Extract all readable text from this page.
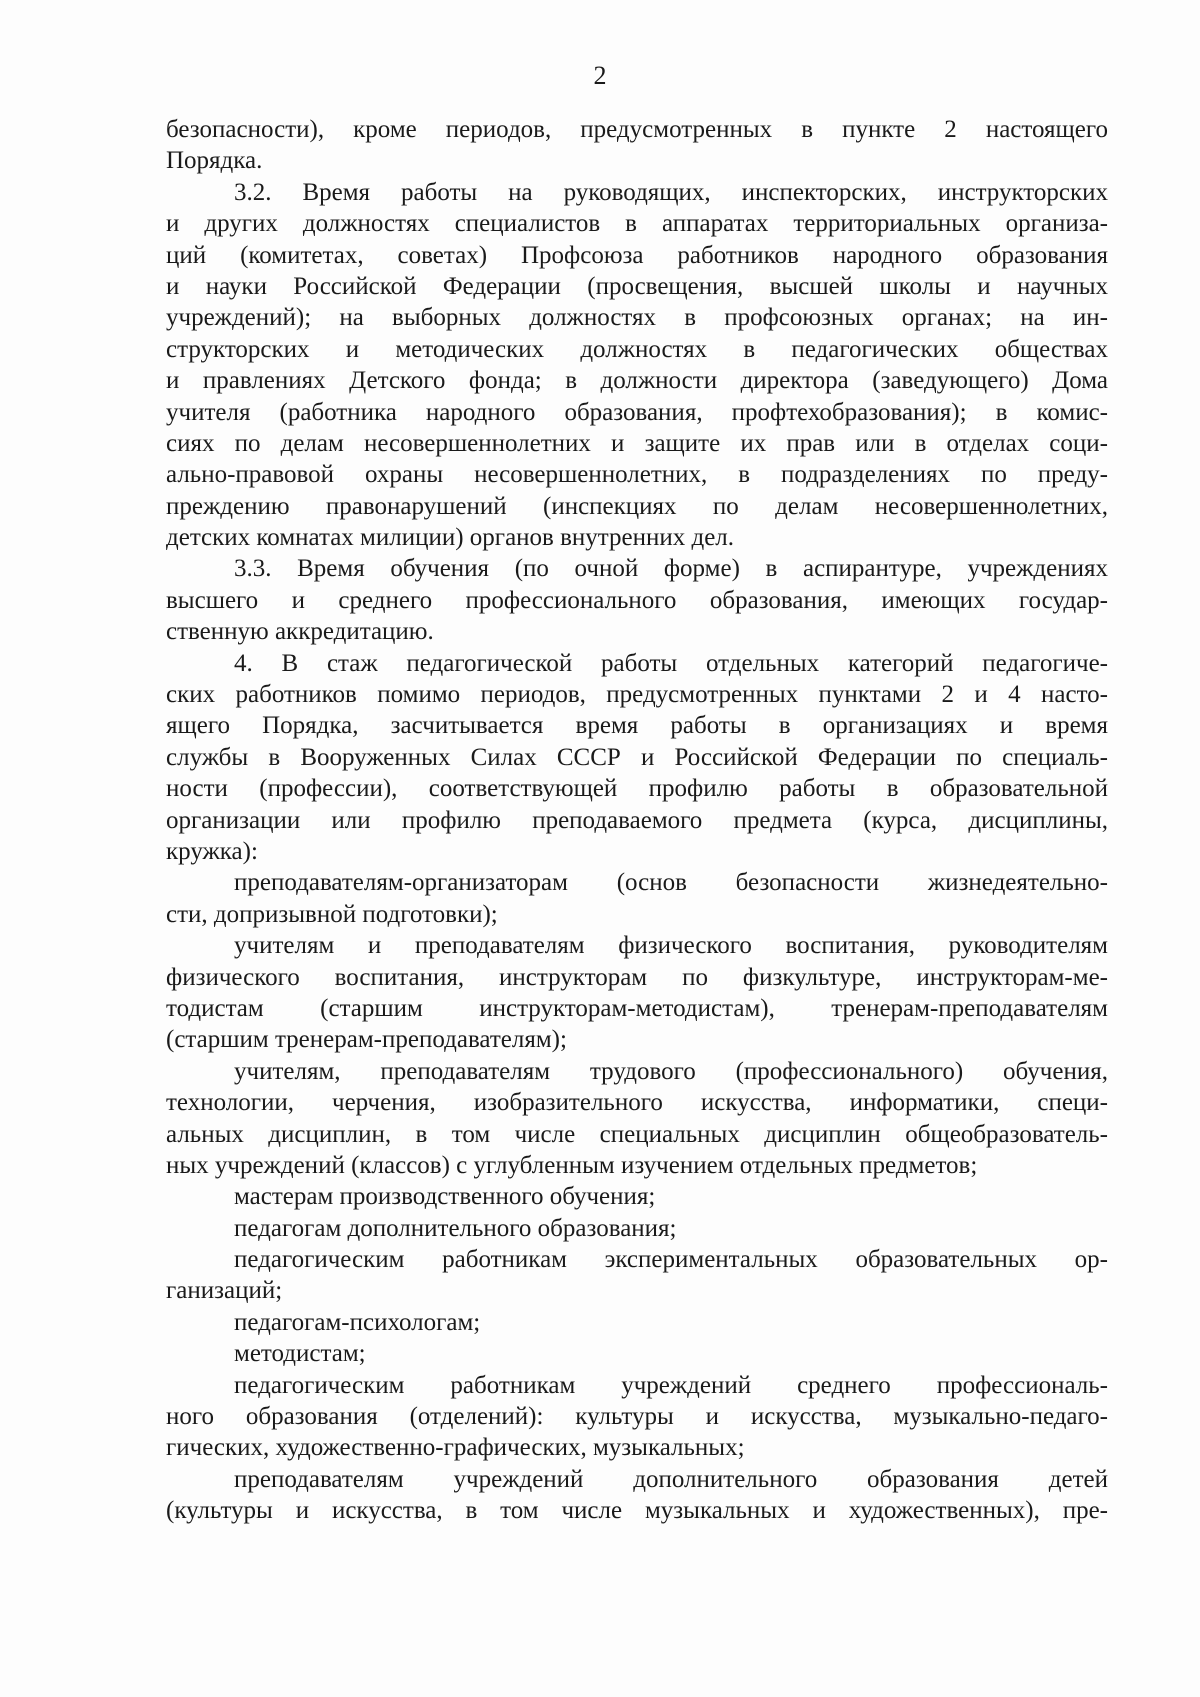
2
безопасности), кроме периодов, предусмотренных в пункте 2 настоящего
Порядка.
3.2. Время работы на руководящих, инспекторских, инструкторских
и других должностях специалистов в аппаратах территориальных организа-
ций (комитетах, советах) Профсоюза работников народного образования
и науки Российской Федерации (просвещения, высшей школы и научных
учреждений); на выборных должностях в профсоюзных органах; на ин-
структорских и методических должностях в педагогических обществах
и правлениях Детского фонда; в должности директора (заведующего) Дома
учителя (работника народного образования, профтехобразования); в комис-
сиях по делам несовершеннолетних и защите их прав или в отделах соци-
ально-правовой охраны несовершеннолетних, в подразделениях по преду-
преждению правонарушений (инспекциях по делам несовершеннолетних,
детских комнатах милиции) органов внутренних дел.
3.3. Время обучения (по очной форме) в аспирантуре, учреждениях
высшего и среднего профессионального образования, имеющих государ-
ственную аккредитацию.
4. В стаж педагогической работы отдельных категорий педагогиче-
ских работников помимо периодов, предусмотренных пунктами 2 и 4 насто-
ящего Порядка, засчитывается время работы в организациях и время
службы в Вооруженных Силах СССР и Российской Федерации по специаль-
ности (профессии), соответствующей профилю работы в образовательной
организации или профилю преподаваемого предмета (курса, дисциплины,
кружка):
преподавателям-организаторам (основ безопасности жизнедеятельно-
сти, допризывной подготовки);
учителям и преподавателям физического воспитания, руководителям
физического воспитания, инструкторам по физкультуре, инструкторам-ме-
тодистам (старшим инструкторам-методистам), тренерам-преподавателям
(старшим тренерам-преподавателям);
учителям, преподавателям трудового (профессионального) обучения,
технологии, черчения, изобразительного искусства, информатики, специ-
альных дисциплин, в том числе специальных дисциплин общеобразователь-
ных учреждений (классов) с углубленным изучением отдельных предметов;
мастерам производственного обучения;
педагогам дополнительного образования;
педагогическим работникам экспериментальных образовательных ор-
ганизаций;
педагогам-психологам;
методистам;
педагогическим работникам учреждений среднего профессиональ-
ного образования (отделений): культуры и искусства, музыкально-педаго-
гических, художественно-графических, музыкальных;
преподавателям учреждений дополнительного образования детей
(культуры и искусства, в том числе музыкальных и художественных), пре-
